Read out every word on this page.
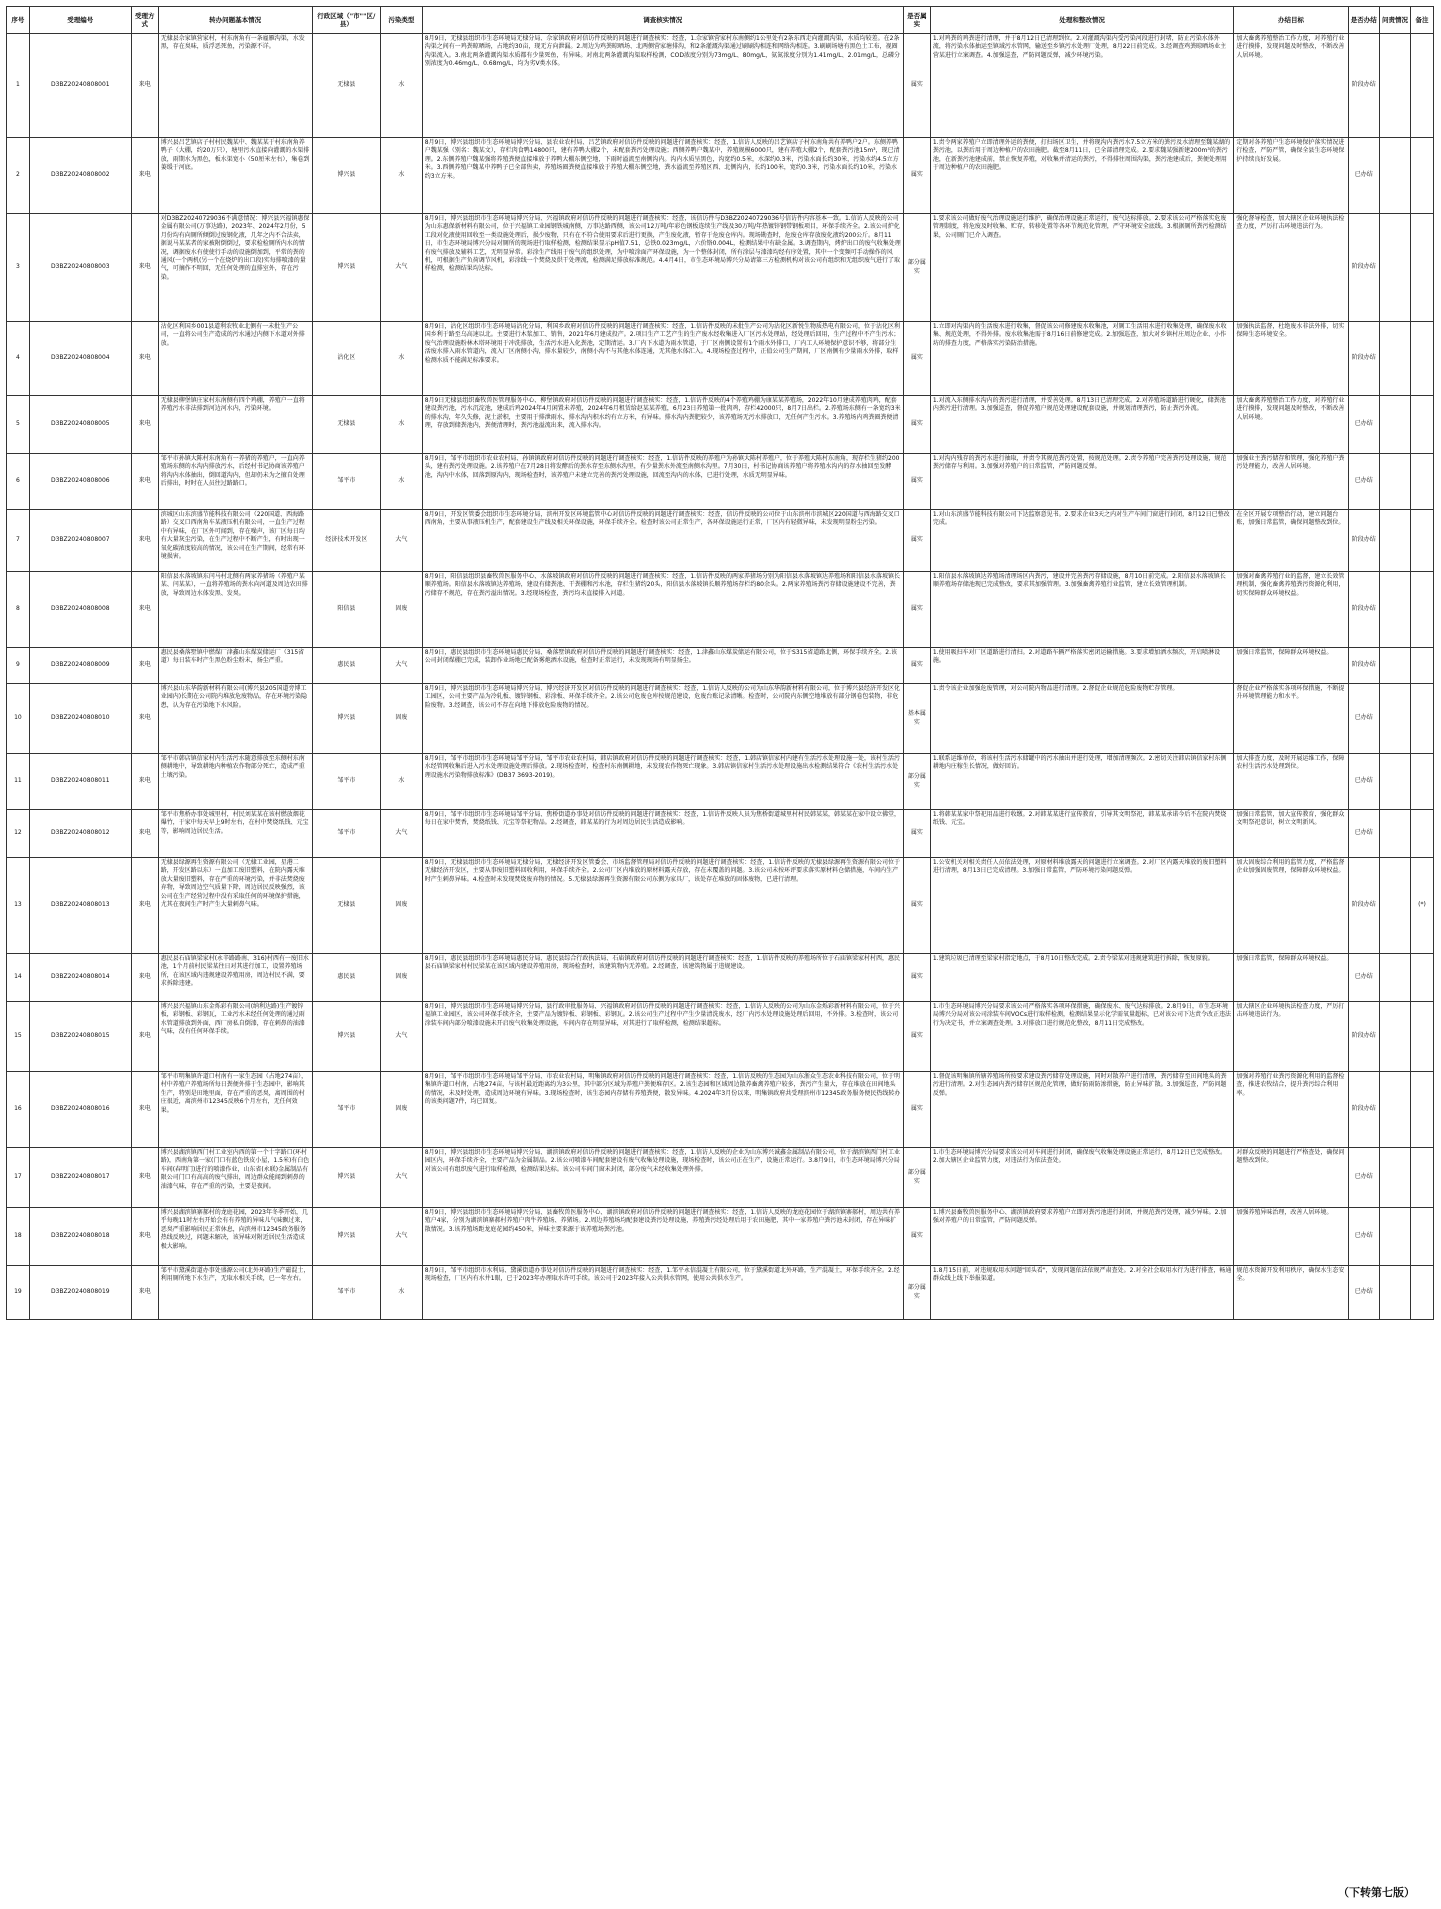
序号	受理编号	受理方式	转办问题基本情况	行政区域（"市""区/县）	污染类型	调查核实情况	是否属实	处理和整改情况	办结目标	是否办结	问责情况	备注
1	D3BZ20240808001	来电	无棣县佘家镇营家村，村东南角有一条雇雁沟渠，水发黑，存在臭味，质浮恶死鱼，污染源不详。	无棣县	水	8月9日，无棣县组织市生态环境局无棣分局、佘家镇政府对信访件反映的问题进行调查核实：经查，1.佘家镇营家村东南侧约1公里处有2条东西走向灌溉沟渠，水质均较差。在2条沟渠之间有一鸡粪晾晒场，占地约30亩，现无方向泄漏。2.周边为鸡粪晾晒场、北两侧营家塘排沟，和2条灌溉沟渠通过刷刷沟相连和网络沟相连。3.刷刷场塘有黑色土工布，视圈沟渠流入。3.南北两条灌溉沟渠水质都有少量死鱼，有异味。对南北两条灌溉沟渠取样检测，COD浓度分别为73mg/L、80mg/L，氨氮浓度分别为1.41mg/L、2.01mg/L，总磷分别浓度为0.46mg/L、0.68mg/L，均为劣Ⅴ类水体。	属实	1.对鸡粪的鸡粪进行清理，并于8月12日已清理到位。2.对灌溉沟渠内受污染河段进行封堵，防止污染水体外流，将污染水体抽运至镇域污水管网，输送至乡镇污水处理厂处理，8月22日前完成。3.经调查鸡粪晾晒场业主营某进行立案调查。4.加强巡查，严防问题反弹，减少环境污染。	加大畜禽养殖整治工作力度，对养殖行业进行摸排，发现问题及时整改，不断改善人居环境。	阶段办结		
2	D3BZ20240808002	来电	博兴县吕艺镇店子村村民魏某中、魏某某于村东南角养鸭子（大棚，约20万只），塘里污水直接向灌溉的水渠排放，雨期水为黑色，板水渠宽小（50厘米左右），集卷到萋缓于河底。	博兴县	水	8月9日，博兴县组织市生态环境局博兴分局、县农业农村局、吕艺镇政府对信访件反映的问题进行调查核实：经查，1.信访人反映的吕艺镇店子村东南角共有养鸭户2户。东侧养鸭户魏某强（别名：魏某文），存栏肉食鸭14800只，建有养鸭大棚2个，未配套粪污处理设施；西侧养鸭户魏某中，养殖规模6000只，建有养殖大棚2个，配套粪污池15m³，现已清理。2.东侧养殖户魏某强将养殖粪便直接堆放于养鸭大棚东侧空地，下雨时溢流至南侧沟内。沟内水质呈黑色，沟宽约0.5米，水深约0.3米，污染水面长约30米，污染水约4.5立方米。3.西侧养殖户魏某中养鸭子已全部售卖，养殖场圈粪便直接堆放于养殖大棚东侧空地，粪水溢流至养殖区西、北侧沟内，长约100米，宽约0.3米，污染水面长约10米，污染水约3立方米。	属实	1.责令两家养殖户立即清理外运的粪便，打扫场区卫生，并将现沟内粪污水7.5立方米的粪污及水清理至魏某湖的粪污池，以粪后用于周边种植户的农田施肥。截至8月11日，已全部清理完成。2.要求魏某强新建200m³的粪污池，在新粪污池建成前，禁止恢复养殖，对收集并清运的粪污，不得排往周围沟渠，粪污池建成后，粪便处理用于周边种植户的农田施肥。	定期对各养殖户生态环境保护落实情况进行检查，严防严管，确保全县生态环境保护持续良好发展。	已办结		
3	D3BZ20240808003	来电	对D3BZ20240729036不满意情况：博兴县兴福镇惠保金属有限公司(万事达路)，2023年、2024年2月份，5月份均有向厕所倾倒过废钢化液，几年之内不合法卖，据说马某某者的家被附倒倒过，要求检检厕所内水的情况，调据废水有使使行手动的设施倒加到，平常的粪的通风(一个两机(另一个在烧炉的出口段)实每排喷漆的量气，可摘作不明回，无任何处理的直排室外，存在污染。	博兴县	大气	8月9日，博兴县组织市生态环境局博兴分局、兴福镇政府对信访件反映的问题进行调查核实：经查，该信访件与D3BZ20240729036号信访件内容基本一致。1.信访人反映的公司为山东惠保新材料有限公司，位于兴福镇工业园钢铁城南侧，万事达路西侧，该公司12万吨/年彩色钢板连续生产线及30万吨/年热镀锌钢带钢板项目，环保手续齐全。2.该公司炉化工段对化液使用回收至一类设施处理后，损少废物，只有在不符合使用要求后进行更换，产生废化液，暂存于危废仓库内。现场勘查时，危废仓库存放废化液约200公斤。8月11日，市生态环境局博兴分局对厕所的现场进行取样检测，检测结果显示pH值7.51，总铁0.023mg/L，六价铬0.004L，检测结果中有缺金属。3.调查期内，烤炉出口的废气收集处理有废气排放及辅料工艺，无明显异常。彩涂生产线用于废气的组织处理，为中喷涂面产环保设施，为一个整体封闭，所有涂层与漆漆均经有序处置，其中一个变频可手动操作的风机，可根据生产负荷调节风机，彩涂线一个焚烧及烘干处理流，检测满足排放标准规范。4.4月4日，市生态环境局博兴分局请第三方检测机构对该公司有组织和无组织废气进行了取样检测，检测结果均达标。	部分属实	1.要求该公司做好废气治理设施运行维护，确保治理设施正常运行，废气达标排放。2.要求该公司严格落实危废管理制度，将危废及时收集、贮存，转移处置等各环节规范化管理，严守环境安全底线。3.根据厕所粪污检测结果，公司厕门已介入调查。	强化督导检查，加大辖区企业环境执法检查力度，严厉打击环境违法行为。	阶段办结		
4	D3BZ20240808004	来电	沾化区利国乡001县道利农牧业北侧有一未批生产公司，一直将公司生产造成的污水通过内侧下水道对外排放。	沾化区	水	8月9日，沾化区组织市生态环境局沾化分局，利国乡政府对信访件反映的问题进行调查核实：经查，1.信访件反映的未批生产公司为沾化区新悦生物质热电有限公司，位于沾化区利国乡利于路至乌高速以北。主要进行木浆加工、销售，2021年6月建成投产。2.项目生产工艺产生的生产废水经收集进入厂区污水处理站，经处理后回用，生产过程中不产生污水；废气治理设施粉林木塔环境用于冲洗排放，生活污水进入化粪池，定期清运。3.厂内下水道为雨水管道，于厂区南侧设置有1个雨水外排口，厂内工人环境保护意识不够，将部分生活废水排入雨水管道内，流入厂区南侧小沟，排水量较少，南侧小沟不与其他水体连通，无其他水体汇入。4.现场检查过程中，正值公司生产期间，厂区南侧有少量雨水外排，取样检测水质不能满足标准要求。	属实	1.立即对沟渠内的生活废水进行收集，督促该公司修建废水收集池，对厕工生活用水进行收集处理，确保废水收集、规范处理，不得外排。废水收集池需于8月16日前修建完成。2.加强巡查，加大对乡镇村庄周边企业、小作坊的排查力度，严格落实污染防治措施。	加强执法监督，杜绝废水非法外排，切实保障生态环境安全。	阶段办结		
5	D3BZ20240808005	来电	无棣县柳堡镇庄家村东南侧有四个鸡棚，养殖户一直将养殖污水非法排到河边河水内，污染环境。	无棣县	水	8月9日无棣县组织畜牧兽医管理服务中心、柳堡镇政府对信访件反映的问题进行调查核实：经查，1.信访件反映的4个养殖鸡棚为康某某养殖场，2022年10月建成养殖肉鸡，配套建设粪污池，污水沉淀池，建成后鸡2024年4月闲置未养殖，2024年6月租赁给赵某某养殖，6月23日养殖第一批肉鸡，存栏42000只，8月7日出栏。2.养殖场东侧有一条宽约3米的排水沟，年久失修，泥土淤积，主要用于排泄雨水，排水沟内积水约有立方米，有异味。排水沟内粪肥较少，该养殖场无污水排放口，无任何产生污水。3.养殖场内鸡粪圈粪便清理，存放到储粪池内，粪便清理时，粪污池溢流出来，流入排水沟。	属实	1.对流入东侧排水沟内的粪污进行清理，并妥善处理。8月13日已清理完成。2.对养殖场道路进行硬化，储粪池内粪污进行清理。3.加强巡查，督促养殖户规范处理建设配套设施，并规划清理粪污，防止粪污外流。	加大畜禽养殖整治工作力度，对养殖行业进行摸排，发现问题及时整改，不断改善人居环境。	已办结		
6	D3BZ20240808006	来电	邹平市孙镇大陈村东南角有一养猪的养殖户，一直向养殖场东侧的水沟内排放污水，后经村书记协商该养殖户将沟内水体抽出，倒回道沟内，但却仍未为之擅自处理后排出，时时在人员往过路路口。	邹平市	水	8月9日，邹平市组织市农业农村局、孙镇镇政府对信访件反映的问题进行调查核实：经查，1.信访件反映的养殖户为孙镇大陈村养殖户，位于养殖大陈村东南角，现存栏生猪约200头，建有粪污处理设施。2.该养殖户在7月28日将发酵后的粪水存至东侧水沟里，有少量粪水外流至南侧水沟里。7月30日，村书记协商该养殖户将养殖水沟内的存水抽回至发酵池，沟内中水体，回落到原沟内，现场检查时，该养殖户未建立完善的粪污处理设施，回流至沟内的水体，已进行处理，水质无明显异味。	属实	1.对沟内残存的粪污水进行抽取，并责令其规范粪污处置，按规范处理。2.责令养殖户完善粪污处理设施，规范粪污储存与利用。3.加强对养殖户的日常监管，严防问题反弹。	加强业主粪污储存和管理，强化养殖户粪污处理能力，改善人居环境。	已办结		
7	D3BZ20240808007	来电	滨城区山东滨盛节能科技有限公司（220国道、西海路路）交叉口西南角车某液压机有限公司，一直生产过程中有异味，在厂区外可闻到，存在噪声，该厂区每日均有大量灰尘污染，在生产过程中不断产生，有时出现一氧化碳浓度较高的情况，该公司在生产期间，经常有环境损害。	经济技术开发区	大气	8月9日，开发区管委会组织市生态环境分局，滨州开发区环境监管中心对信访件反映的问题进行调查核实：经查，信访件反映的公司位于山东滨州市滨城区220国道与西海路交叉口西南角，主要从事液压机生产，配套建设生产线及相关环保设施，环保手续齐全。检查时该公司正常生产，各环保设施运行正常，厂区内有轻微异味，未发现明显粉尘污染。	属实	1.对山东滨盛节能科技有限公司下达监察意见书。2.要求企业3天之内对生产车间门窗进行封闭，8月12日已整改完成。	在全区开展专项整治行动，建立问题台账，加强日常监管，确保问题整改到位。	阶段办结		
8	D3BZ20240808008	来电	阳信县水落坡镇东闫马村北侧有两家养猪场（养殖户某某、闫某某），一直将养殖场的粪水向河道及周边农田排放，导致周边水体发黑、发臭。	阳信县	固废	8月9日，阳信县组织县畜牧兽医服务中心、水落坡镇政府对信访件反映的问题进行调查核实：经查，1.信访件反映的两家养猪场分别为阳信县水落坡镇达养殖场和阳信县水落坡镇长顺养殖场。阳信县水落坡镇达养殖场，建设有储粪池、干粪棚和污水池，存栏生猪约20头，阳信县水落坡镇长顺养殖场存栏约80余头。2.两家养殖场粪污存储设施建设不完善，粪污储存不规范，存在粪污溢出情况。3.经现场检查，粪污均未直接排入河道。	属实	1.阳信县水落坡镇达养殖场清理场区内粪污，建设并完善粪污存储设施，8月10日前完成。2.阳信县水落坡镇长顺养殖场存储池现已完成整改，要求其加强管理。3.加强畜禽养殖行业监管，建立长效管理机制。	加强对畜禽养殖行业的监督，建立长效管理机制，强化畜禽养殖粪污资源化利用，切实保障群众环境权益。	阶段办结		
9	D3BZ20240808009	来电	惠民县桑落墅镇中燃煤厂津鑫山东煤炭储运厂（315省道）每日装车时产生黑色粉尘粉末，扬尘严重。	惠民县	大气	8月9日，惠民县组织市生态环境局惠民分局、桑落墅镇政府对信访件反映的问题进行调查核实：经查，1.津鑫山东煤炭储运有限公司，位于S315省道路北侧，环保手续齐全。2.该公司封闭煤棚已完成，装卸作业场地已配备雾炮洒水设施，检查时正常运行，未发现现场有明显扬尘。	属实	1.使用吸扫车对厂区道路进行清扫。2.对道路车辆严格落实密闭运输措施。3.要求增加洒水频次，开启喷淋设施。	加强日常监管，保障群众环境权益。	阶段办结		
10	D3BZ20240808010	来电	博兴县山东华韵新材料有限公司(博兴县205国道旁博工业园内)长期在公司院内堆放危废物品，存在环境污染隐患，认为存在污染地下水风险。	博兴县	固废	8月9日，博兴县组织市生态环境局博兴分局、博兴经济开发区对信访件反映的问题进行调查核实：经查，1.信访人反映的公司为山东华韵新材料有限公司，位于博兴县经济开发区化工园区，公司主要产品为冷轧板、镀锌钢板、彩涂板、环保手续齐全。2.该公司危废仓库按规范建设，危废台账记录清晰。检查时，公司院内东侧空地堆放有部分钢卷包装物，非危险废物。3.经调查，该公司不存在向地下排放危险废物的情况。	基本属实	1.责令该企业加强危废管理，对公司院内物品进行清理。2.督促企业规范危险废物贮存管理。	督促企业严格落实各项环保措施，不断提升环境管理能力和水平。	已办结		
11	D3BZ20240808011	来电	邹平市韩店镇信家村内生活污水随意排放至东侧村东南侧耕地中，导致耕地内种植农作物部分死亡，造成严重土壤污染。	邹平市	水	8月9日，邹平市组织市生态环境局邹平分局，邹平市农业农村局，韩店镇政府对信访件反映的问题进行调查核实：经查，1.韩店镇信家村内建有生活污水处理设施一处，该村生活污水经管网收集后进入污水处理设施处理后排放。2.现场检查时，检查村东南侧耕地，未发现农作物死亡现象。3.韩店镇信家村生活污水处理设施出水检测结果符合《农村生活污水处理设施水污染物排放标准》(DB37 3693-2019)。	部分属实	1.联系运维单位，将该村生活污水储罐中的污水抽出并进行处理，增加清理频次。2.密切关注韩店镇信家村东侧耕地内庄稼生长情况，做好回访。	加大排查力度，及时开展运维工作，保障农村生活污水处理到位。	已办结		
12	D3BZ20240808012	来电	邹平市焦桥办事处城里村，村民刘某某在该村燃放烟花爆竹，于家中每天早上9时左右，在村中焚烧纸钱、元宝等，影响周边居民生活。	邹平市	大气	8月9日，邹平市组织市生态环境局邹平分局、焦桥街道办事处对信访件反映的问题进行调查核实：经查，1.信访件反映人员为焦桥街道城里村村民韩某某，韩某某在家中设立佛堂，每日在家中焚香，焚烧纸钱、元宝等祭祀物品。2.经调查，韩某某的行为对周边居民生活造成影响。	属实	1.将韩某某家中祭祀用品进行收缴。2.对韩某某进行宣传教育，引导其文明祭祀，韩某某承诺今后不在院内焚烧纸钱、元宝。	加强日常监管，加大宣传教育，强化群众文明祭祀意识，树立文明新风。	已办结		
13	D3BZ20240808013	来电	无棣县绿源再生资源有限公司（无棣工业园，星港二路，开发区路以东）一直加工废旧塑料，在院内露天堆放大量废旧塑料，存在严重的环境污染，并非法焚烧废弃物，导致周边空气质量下降，周边居民反映强烈，该公司在生产经营过程中没有采取任何的环境保护措施，尤其在夜间生产时产生大量刺鼻气味。	无棣县	固废	8月9日，无棣县组织市生态环境局无棣分局，无棣经济开发区管委会、市场监督管理局对信访件反映的问题进行调查核实：经查，1.信访件反映的无棣县绿源再生资源有限公司位于无棣经济开发区，主要从事废旧塑料回收利用，环保手续齐全。2.公司厂区内堆放的原材料露天存放，存在未覆盖的问题。3.该公司未按环评要求落实原材料仓储措施，车间内生产时产生刺鼻异味。4.检查时未发现焚烧废弃物的情况。5.无棣县绿源再生资源有限公司东侧为家具厂，该处存在堆放的固体废物，已进行清理。	属实	1.公安机关对相关责任人员依法处理，对原材料堆放露天的问题进行立案调查。2.对厂区内露天堆放的废旧塑料进行清理，8月13日已完成清理。3.加强日常监管，严防环境污染问题反弹。	加大固废综合利用的监管力度，严格监督企业加强固废管理，保障群众环境权益。	阶段办结		(*)
14	D3BZ20240808014	来电	惠民县石庙镇梁家村(永辛路路南、316)村西有一废旧水池，1个月前村民梁某往日对其进行加工，设置养殖场所，在该区域内违规建设养殖用房，周边村民不满，要求拆除违建。	惠民县	固废	8月9日，惠民县组织市生态环境局惠民分局、惠民县综合行政执法局、石庙镇政府对信访件反映的问题进行调查核实：经查，1.信访件反映的养殖场所位于石庙镇梁家村村西，惠民县石庙镇梁家村村民梁某在该区域内建设养殖用房，现场检查时，该建筑物内无养殖。2.经调查，该建筑物属于违规建设。	属实	1.建筑垃圾已清理至梁家村指定地点，于8月10日整改完成。2.责令梁某对违规建筑进行拆除，恢复原貌。	加强日常监管，保障群众环境权益。	已办结		
15	D3BZ20240808015	来电	博兴县兴福镇山东金烁彩有限公司(纳利达路)生产镀锌板，彩钢板、彩钢瓦，工业污水未经任何处理的通过雨水管道排放到外面，西厂房私自倒漆，存在刺鼻的油漆气味，没有任何环保手续。	博兴县	大气	8月9日，博兴县组织市生态环境局博兴分局，县行政审批服务局、兴福镇政府对信访件反映的问题进行调查核实：经查，1.信访人反映的公司为山东金烁彩新材料有限公司，位于兴福镇工业园区，该公司环保手续齐全，主要产品为镀锌板、彩钢板、彩钢瓦。2.该公司生产过程中产生少量清洗废水，经厂内污水处理设施处理后回用，不外排。3.检查时，该公司涂装车间内部分喷漆设施未开启废气收集处理设施，车间内存在明显异味，对其进行了取样检测，检测结果超标。	属实	1.市生态环境局博兴分局要求该公司严格落实各项环保措施，确保废水、废气达标排放。2.8月9日，市生态环境局博兴分局对该公司涂装车间VOCs进行取样检测，检测结果显示化学需氧量超标，已对该公司下达责令改正违法行为决定书，并立案调查处理。3.对排放口进行规范化整改，8月11日完成整改。	加大辖区企业环境执法检查力度，严厉打击环境违法行为。	阶段办结		
16	D3BZ20240808016	来电	邹平市明集镇许道口村南有一家生态园（占地274亩），村中养殖户养殖场所每日粪便外排于生态园中，影响其生产，特别是田地里面，存在严重的恶臭，离周围的村庄很近，离滨州市12345反映6个月左右，无任何效果。	邹平市	固废	8月9日，邹平市组织市生态环境局邹平分局、市农业农村局，明集镇政府对信访件反映的问题进行调查核实：经查，1.信访反映的生态园为山东浙众生态农业科技有限公司，位于明集镇许道口村南，占地274亩，与该村最近距离约为3公里，其中部分区域为养殖户粪便堆存区。2.该生态园和区域周边散养畜禽养殖户较多，粪污产生量大，存在堆放在田间地头的情况，未及时处理，造成周边环境有异味。3.现场检查时，该生态园内存储有养殖粪便，散发异味。4.2024年3月份以来，明集镇政府共受理滨州市12345政务服务便民热线转办的该类问题7件，均已回复。	属实	1.督促该明集镇所辖养殖场所按要求建设粪污储存处理设施，同时对散养户进行清理，粪污储存至田间地头的粪污进行清理。2.对生态园内粪污储存区规范化管理，做好防雨防渗措施，防止异味扩散。3.加强巡查，严防问题反弹。	加强对养殖行业粪污资源化利用的监督检查，推进农牧结合，提升粪污综合利用率。	阶段办结		
17	D3BZ20240808017	来电	博兴县湖滨镇西门村工业室内西的第一个十字路口(环村路)，西南角第一家(门口有蓝色铁皮小屋，1.5米)有白色车间(春明门)进行的喷漆作业，山东省(永联)金属制品有限公司门口有高高的废气排出，周边群众能闻到刺鼻的油漆气味，存在严重的污染，主要是夜间。	博兴县	大气	8月9日，博兴县组织市生态环境局博兴分局、湖滨镇政府对信访件反映的问题进行调查核实：经查，1.信访人反映的企业为山东博兴诚鑫金属制品有限公司，位于湖滨镇西门村工业园区内，环保手续齐全，主要产品为金属制品。2.该公司喷漆车间配套建设有废气收集处理设施，现场检查时，该公司正在生产，设施正常运行。3.8月9日，市生态环境局博兴分局对该公司有组织废气进行取样检测，检测结果达标。该公司车间门窗未封闭，部分废气未经收集处理外排。	部分属实	1.市生态环境局博兴分局要求该公司对车间进行封闭，确保废气收集处理设施正常运行，8月12日已完成整改。2.加大辖区企业监管力度，对违法行为依法查处。	对群众反映的问题进行严格查处，确保问题整改到位。	已办结		
18	D3BZ20240808018	来电	博兴县湖滨镇寨郝村的龙庭花园，2023年冬季开始，几乎每晚11时左右开始会有有养殖的异味儿气味飘过来，恶臭严重影响居民正常休息，向滨州市12345政务服务热线反映过，问题未解决，该异味对附近居民生活造成极大影响。	博兴县	大气	8月9日，博兴县组织市生态环境局博兴分局、县畜牧兽医服务中心、湖滨镇政府对信访件反映的问题进行调查核实：经查，1.信访人反映的龙庭花园位于湖滨镇寨郝村，周边共有养殖户4家，分别为湖滨镇寨郝村养殖户肉牛养殖场、养猪场。2.周边养殖场均配套建设粪污处理设施，养殖粪污经处理后用于农田施肥，其中一家养殖户粪污池未封闭，存在异味扩散情况。3.该养殖场距龙庭花园约450米，异味主要来源于该养殖场粪污池。	属实	1.博兴县畜牧兽医服务中心、湖滨镇政府要求养殖户立即对粪污池进行封闭，并规范粪污处理，减少异味。2.加强对养殖户的日常监管，严防问题反弹。	加强养殖异味治理，改善人居环境。	已办结		
19	D3BZ20240808019	来电	邹平市黛溪街道办事处盛源公司(北外环路)生产磁混土，利用厕所地下水生产，无取水相关手续，已一年左右。	邹平市	水	8月9日，邹平市组织市水利局、黛溪街道办事处对信访件反映的问题进行调查核实：经查，1.邹平永信混凝土有限公司，位于黛溪街道北外环路，生产混凝土，环保手续齐全。2.经现场检查，厂区内有水井1眼，已于2023年办理取水许可手续。该公司于2023年接入公共供水管网，使用公共供水生产。	部分属实	1.8月15日前，对违规取用水问题"回头看"，发现问题依法依规严肃查处。2.对全社会取用水行为进行排查，畅通群众线上线下举报渠道。	规范水资源开发利用秩序，确保水生态安全。	已办结		
（下转第七版）
